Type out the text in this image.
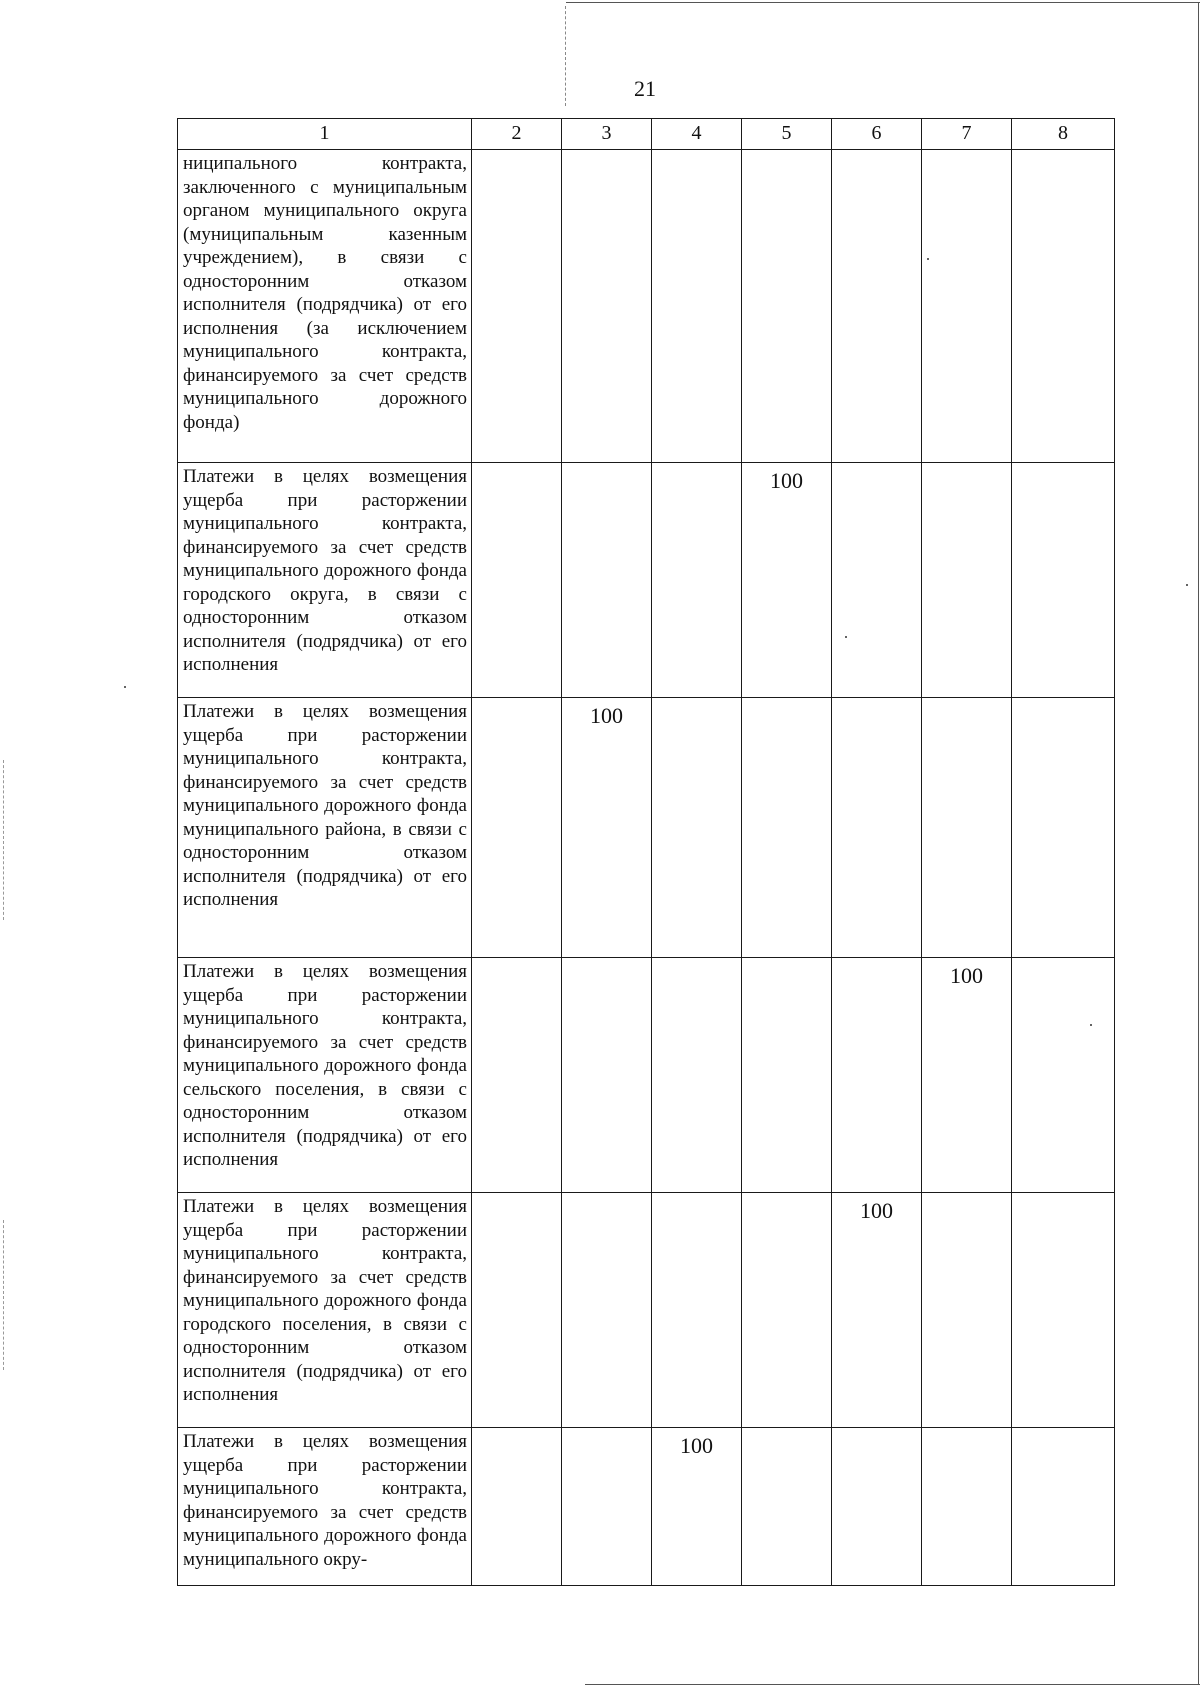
21
1	2	3	4	5	6	7	8
ниципального контракта, заключенного с муниципальным органом муниципального округа (муниципальным казенным учреждением), в связи с односторонним отказом исполнителя (подрядчика) от его исполнения (за исключением муниципального контракта, финансируемого за счет средств муниципального дорожного фонда)							
Платежи в целях возмещения ущерба при расторжении муниципального контракта, финансируемого за счет средств муниципального дорожного фонда городского округа, в связи с односторонним отказом исполнителя (подрядчика) от его исполнения				100			
Платежи в целях возмещения ущерба при расторжении муниципального контракта, финансируемого за счет средств муниципального дорожного фонда муниципального района, в связи с односторонним отказом исполнителя (подрядчика) от его исполнения		100					
Платежи в целях возмещения ущерба при расторжении муниципального контракта, финансируемого за счет средств муниципального дорожного фонда сельского поселения, в связи с односторонним отказом исполнителя (подрядчика) от его исполнения						100	
Платежи в целях возмещения ущерба при расторжении муниципального контракта, финансируемого за счет средств муниципального дорожного фонда городского поселения, в связи с односторонним отказом исполнителя (подрядчика) от его исполнения					100		
Платежи в целях возмещения ущерба при расторжении муниципального контракта, финансируемого за счет средств муниципального дорожного фонда муниципального окру-			100				
